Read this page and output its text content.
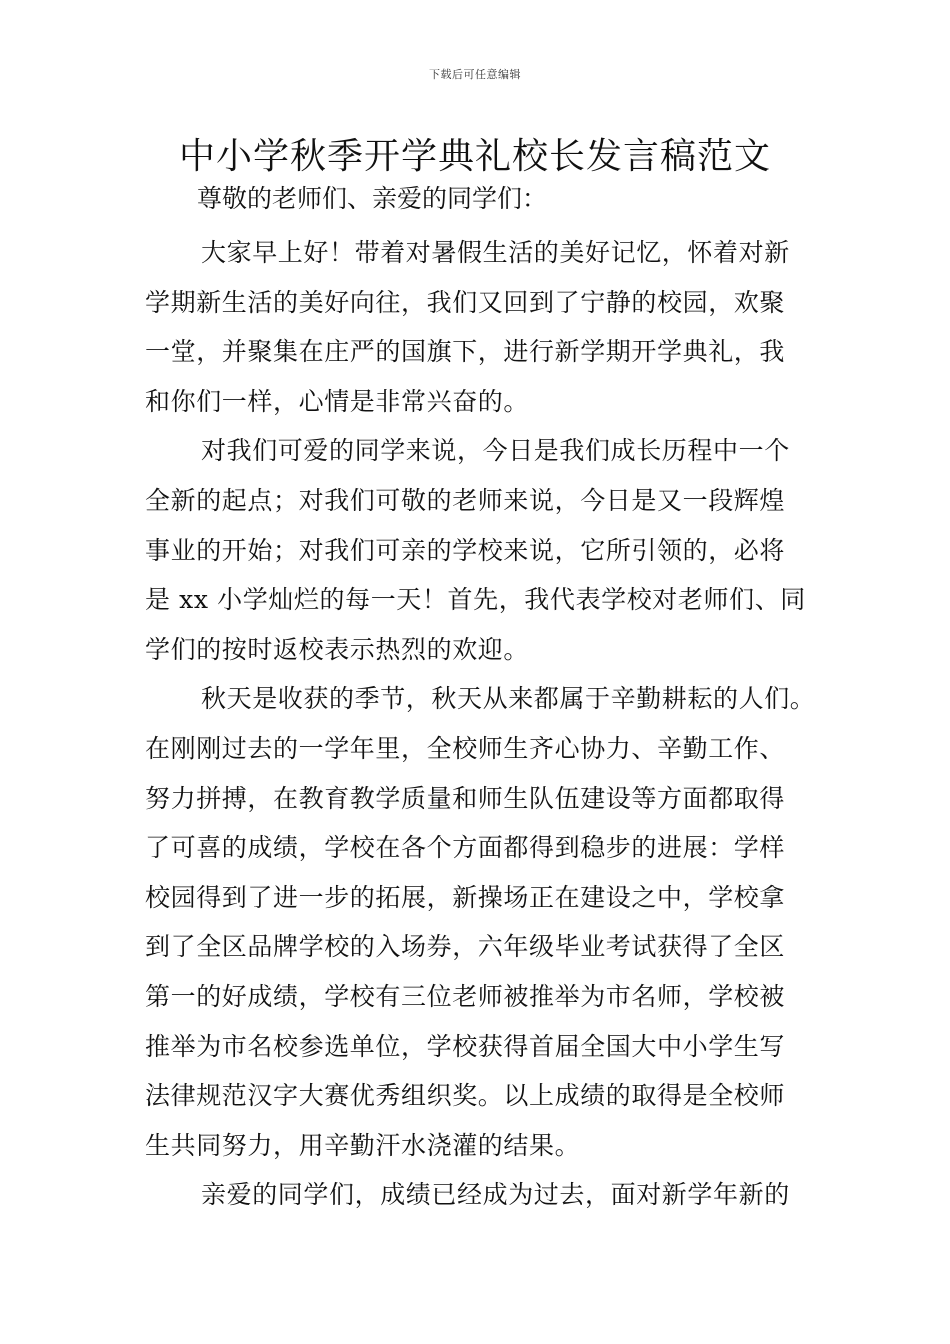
下载后可任意编辑
中小学秋季开学典礼校长发言稿范文
尊敬的老师们、亲爱的同学们：
大家早上好！带着对暑假生活的美好记忆，怀着对新
学期新生活的美好向往，我们又回到了宁静的校园，欢聚
一堂，并聚集在庄严的国旗下，进行新学期开学典礼，我
和你们一样，心情是非常兴奋的。
对我们可爱的同学来说，今日是我们成长历程中一个
全新的起点；对我们可敬的老师来说，今日是又一段辉煌
事业的开始；对我们可亲的学校来说，它所引领的，必将
是 xx 小学灿烂的每一天！首先，我代表学校对老师们、同
学们的按时返校表示热烈的欢迎。
秋天是收获的季节，秋天从来都属于辛勤耕耘的人们。
在刚刚过去的一学年里，全校师生齐心协力、辛勤工作、
努力拼搏，在教育教学质量和师生队伍建设等方面都取得
了可喜的成绩，学校在各个方面都得到稳步的进展：学样
校园得到了进一步的拓展，新操场正在建设之中，学校拿
到了全区品牌学校的入场券，六年级毕业考试获得了全区
第一的好成绩，学校有三位老师被推举为市名师，学校被
推举为市名校参选单位，学校获得首届全国大中小学生写
法律规范汉字大赛优秀组织奖。以上成绩的取得是全校师
生共同努力，用辛勤汗水浇灌的结果。
亲爱的同学们，成绩已经成为过去，面对新学年新的
